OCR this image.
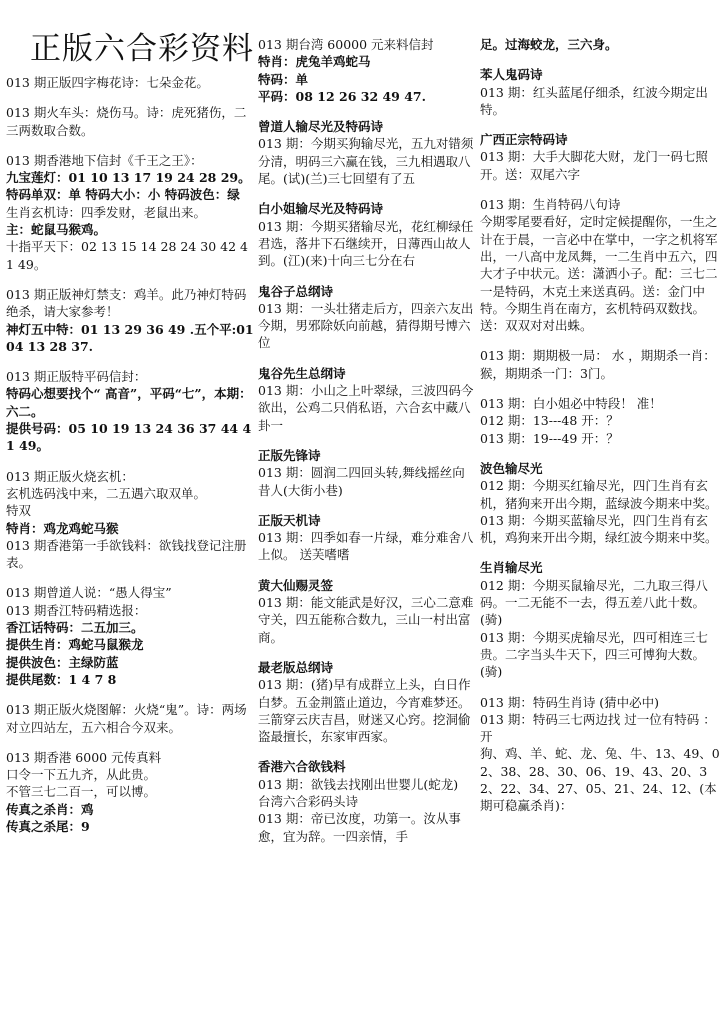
正版六合彩资料
013 期正版四字梅花诗：七朵金花。
013 期火车头：烧伤马。诗：虎死猪伤，二三两数取合数。
013 期香港地下信封《千王之王》：
九宝莲灯：01 10 13 17 19 24 28 29。
特码单双：单 特码大小：小 特码波色：绿
生肖玄机诗：四季发财，老鼠出来。
主：蛇鼠马猴鸡。
十指平天下：02 13 15 14 28 24 30 42 41 49。
013 期正版神灯禁支：鸡羊。此乃神灯特码绝杀，请大家参考！
神灯五中特：01 13 29 36 49 .五个平:01 04 13 28 37.
013 期正版特平码信封：
特码心想要找个“ 高音”，平码“七”，本期：六二。
提供号码：05 10 19 13 24 36 37 44 41 49。
013 期正版火烧玄机：
玄机选码浅中来，二五遇六取双单。
特双
特肖：鸡龙鸡蛇马猴
013 期香港第一手欲钱料：欲钱找登记注册表。
013 期曾道人说：“愚人得宝”
013 期香江特码精选报：
香江话特码：二五加三。
提供生肖：鸡蛇马鼠猴龙
提供波色：主绿防蓝
提供尾数：1 4 7 8
013 期正版火烧图解：火烧“鬼”。诗：两场对立四站左，五六相合今双来。
013 期香港 6000 元传真料
口令一下五九齐，从此贵。
不管三七二百一，可以博。
传真之杀肖：鸡
传真之杀尾：9
013 期台湾 60000 元来料信封
特肖：虎兔羊鸡蛇马
特码：单
平码：08 12 26 32 49 47.
曾道人输尽光及特码诗
013 期：今期买狗输尽光，五九对错须分清，明码三六赢在钱，三九相遇取八尾。(试)(兰)三七回望有了五
白小姐输尽光及特码诗
013 期：今期买猪输尽光，花红柳绿任君选，落井下石继续开，日薄西山故人到。(江)(来)十向三七分在右
鬼谷子总纲诗
013 期：一头壮猪走后方，四亲六友出今期，男邪除妖向前越，猜得期号博六位
鬼谷先生总纲诗
013 期：小山之上叶翠绿，三波四码今欲出，公鸡二只俏私语，六合玄中藏八卦一
正版先锋诗
013 期：圆润二四回头转,舞线摇丝向昔人(大街小巷)
正版天机诗
013 期：四季如春一片绿，难分难舍八上似。 送芙嗜嗜
黄大仙赐灵签
013 期：能文能武是好汉，三心二意难守关，四五能称合数九，三山一村出富商。
最老版总纲诗
013 期：(猪)早有成群立上头，白日作白梦。五金荆篮止道边，今宵难梦还。三箭穿云庆吉昌，财迷又心窍。挖洞偷盗最擅长，东家审西家。
香港六合欲钱料
013 期：欲钱去找刚出世婴儿(蛇龙)
台湾六合彩码头诗
013 期：帝已汝度，功第一。汝从事愈，宜为辞。一四亲情，手
足。过海蛟龙，三六身。
苯人鬼码诗
013 期：红头蓝尾仔细杀，红波今期定出特。
广西正宗特码诗
013 期：大手大脚花大财，龙门一码七照开。送：双尾六字
013 期：生肖特码八句诗
今期零尾要看好，定时定候提醒你，一生之计在于晨，一言必中在掌中，一字之机将军出，一八高中龙凤舞，一二生肖中五六，四大才子中状元。送：潇洒小子。配：三七二一是特码，木克土来送真码。送：金门中特。今期生肖在南方，玄机特码双数找。送：双双对对出蛛。
013 期：期期极一局： 水 ，期期杀一肖：猴，期期杀一门：3门。
013 期：白小姐必中特段！ 准！
012 期：13---48 开：？
013 期：19---49 开：？
波色输尽光
012 期：今期买红输尽光，四门生肖有玄机，猪狗来开出今期，蓝绿波今期来中奖。
013 期：今期买蓝输尽光，四门生肖有玄机，鸡狗来开出今期，绿红波今期来中奖。
生肖输尽光
012 期：今期买鼠输尽光，二九取三得八码。一二无能不一去，得五差八此十数。(骑)
013 期：今期买虎输尽光，四可相连三七贵。二字当头牛天下，四三可博狗大数。(骑)
013 期：特码生肖诗 (猜中必中)
013 期：特码三七两边找 过一位有特码 ：开
狗、鸡、羊、蛇、龙、兔、牛、13、49、02、38、28、30、06、19、43、20、32、22、34、27、05、21、24、12、(本期可稳赢杀肖)：
